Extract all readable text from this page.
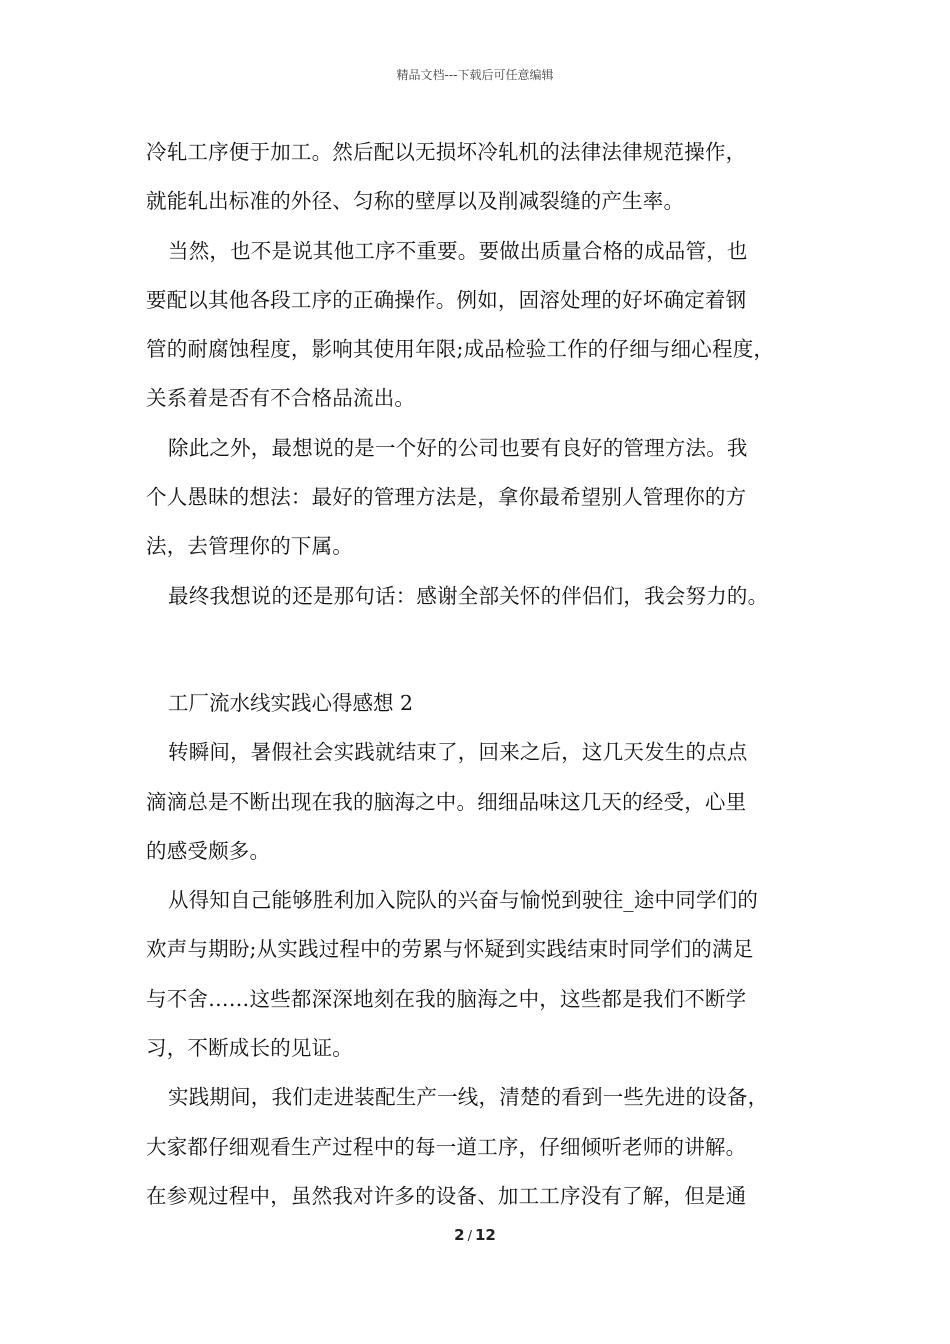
精品文档---下载后可任意编辑
冷轧工序便于加工。然后配以无损坏冷轧机的法律法律规范操作，
就能轧出标准的外径、匀称的壁厚以及削减裂缝的产生率。
当然，也不是说其他工序不重要。要做出质量合格的成品管，也
要配以其他各段工序的正确操作。例如，固溶处理的好坏确定着钢
管的耐腐蚀程度，影响其使用年限;成品检验工作的仔细与细心程度，
关系着是否有不合格品流出。
除此之外，最想说的是一个好的公司也要有良好的管理方法。我
个人愚昧的想法：最好的管理方法是，拿你最希望别人管理你的方
法，去管理你的下属。
最终我想说的还是那句话：感谢全部关怀的伴侣们，我会努力的。
工厂流水线实践心得感想 2
转瞬间，暑假社会实践就结束了，回来之后，这几天发生的点点
滴滴总是不断出现在我的脑海之中。细细品味这几天的经受，心里
的感受颇多。
从得知自己能够胜利加入院队的兴奋与愉悦到驶往_途中同学们的
欢声与期盼;从实践过程中的劳累与怀疑到实践结束时同学们的满足
与不舍……这些都深深地刻在我的脑海之中，这些都是我们不断学
习，不断成长的见证。
实践期间，我们走进装配生产一线，清楚的看到一些先进的设备，
大家都仔细观看生产过程中的每一道工序，仔细倾听老师的讲解。
在参观过程中，虽然我对许多的设备、加工工序没有了解，但是通
2 / 12
